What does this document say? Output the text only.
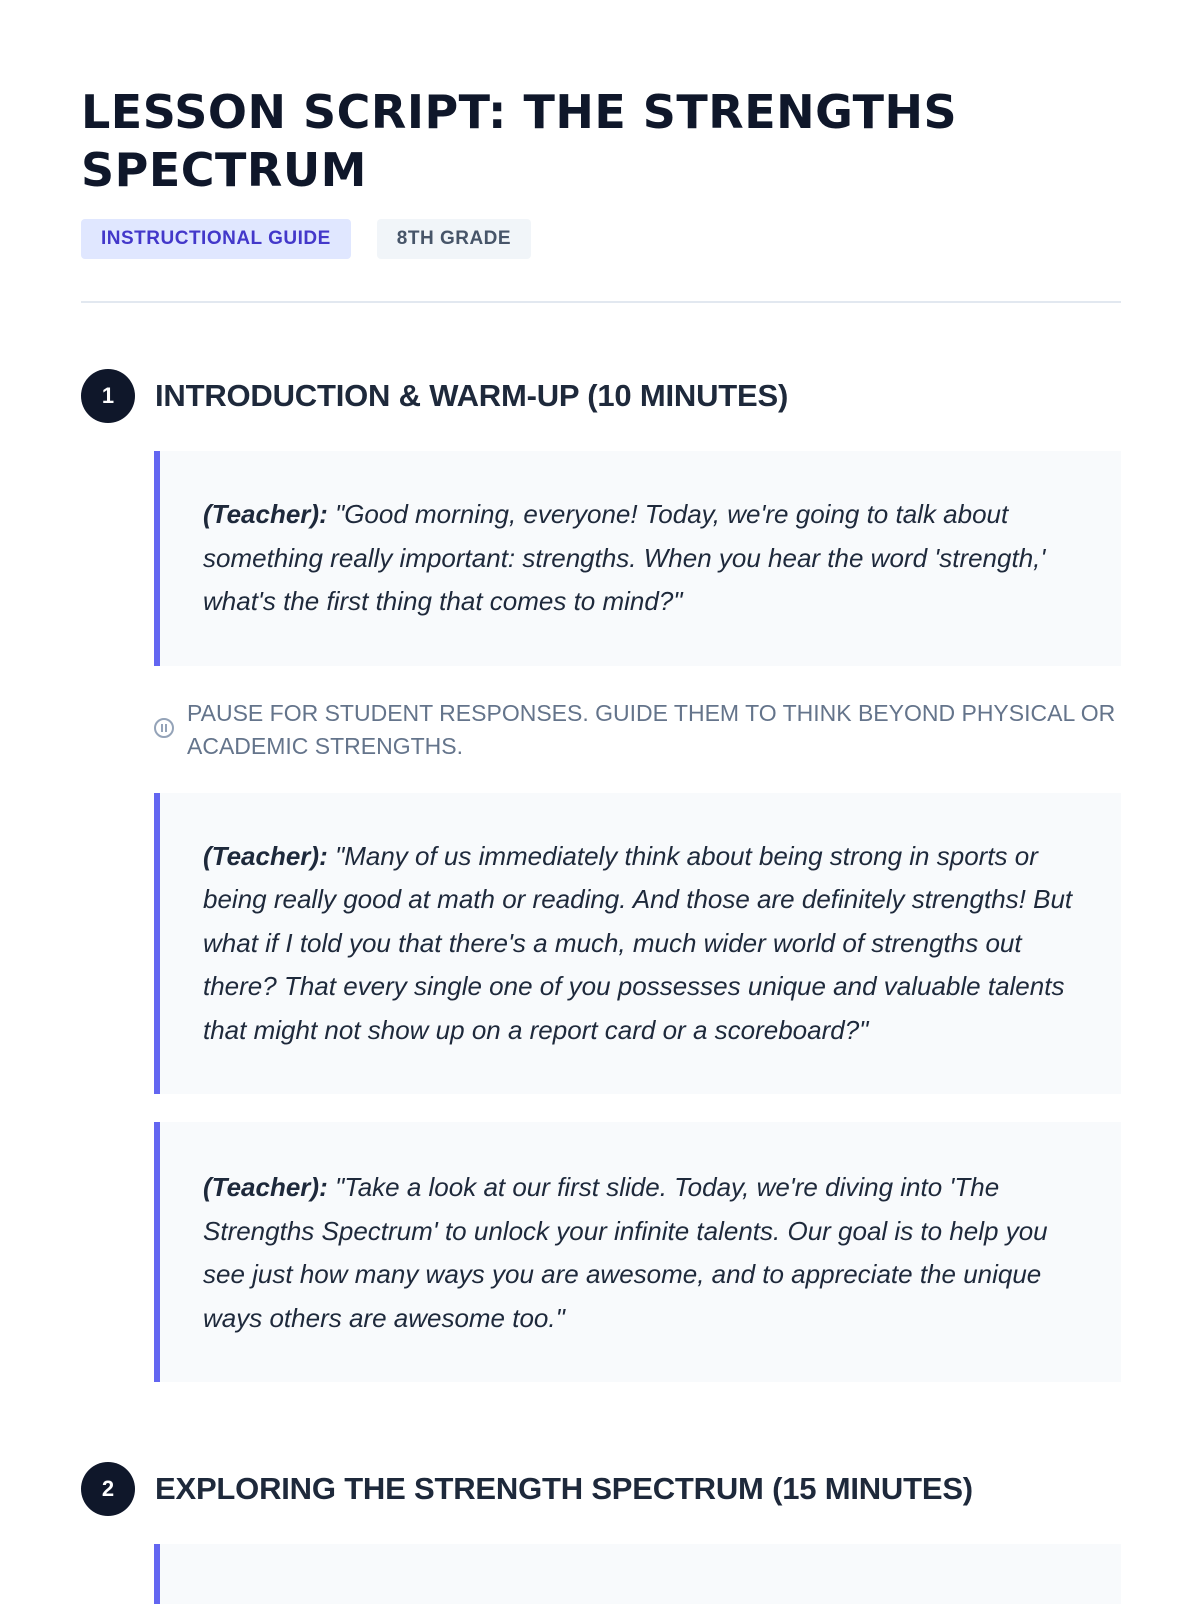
LESSON SCRIPT: THE STRENGTHS SPECTRUM
INSTRUCTIONAL GUIDE	8TH GRADE
1	INTRODUCTION & WARM-UP (10 MINUTES)
(Teacher): "Good morning, everyone! Today, we're going to talk about something really important: strengths. When you hear the word 'strength,' what's the first thing that comes to mind?"
PAUSE FOR STUDENT RESPONSES. GUIDE THEM TO THINK BEYOND PHYSICAL OR ACADEMIC STRENGTHS.
(Teacher): "Many of us immediately think about being strong in sports or being really good at math or reading. And those are definitely strengths! But what if I told you that there's a much, much wider world of strengths out there? That every single one of you possesses unique and valuable talents that might not show up on a report card or a scoreboard?"
(Teacher): "Take a look at our first slide. Today, we're diving into 'The Strengths Spectrum' to unlock your infinite talents. Our goal is to help you see just how many ways you are awesome, and to appreciate the unique ways others are awesome too."
2	EXPLORING THE STRENGTH SPECTRUM (15 MINUTES)
